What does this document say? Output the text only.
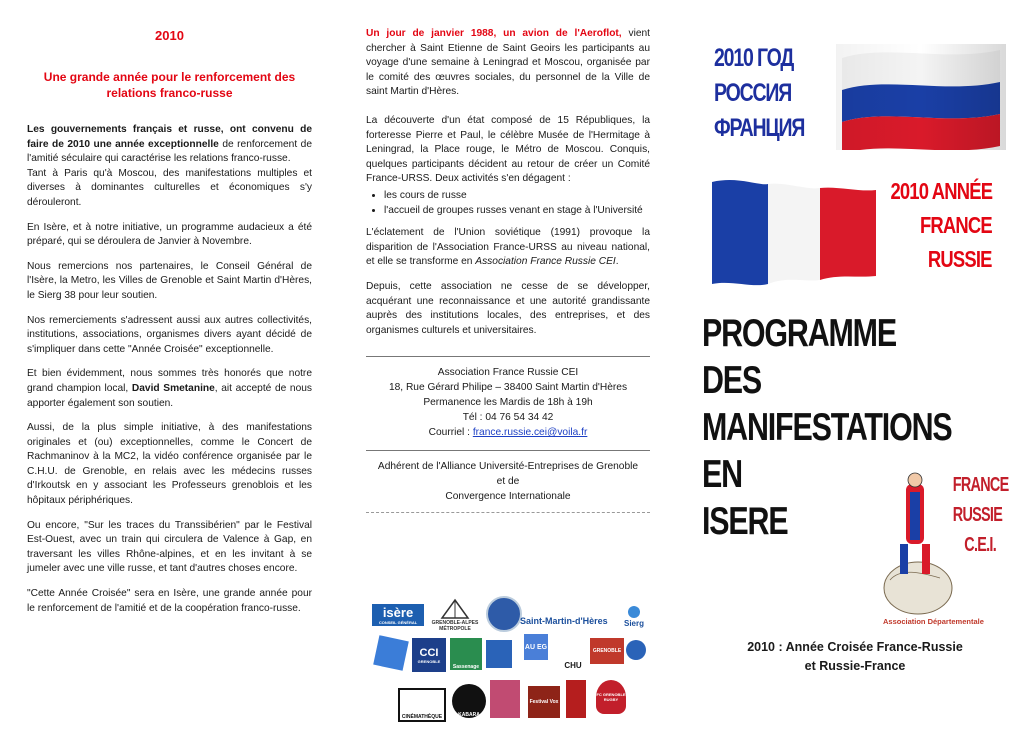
2010
Une grande année pour le renforcement des relations franco-russe

Les gouvernements français et russe, ont convenu de faire de 2010 une année exceptionnelle de renforcement de l'amitié séculaire qui caractérise les relations franco-russe.
Tant à Paris qu'à Moscou, des manifestations multiples et diverses à dominantes culturelles et économiques s'y dérouleront.

En Isère, et à notre initiative, un programme audacieux a été préparé, qui se déroulera de Janvier à Novembre.

Nous remercions nos partenaires, le Conseil Général de l'Isère, la Metro, les Villes de Grenoble et Saint Martin d'Hères, le Sierg 38 pour leur soutien.

Nos remerciements s'adressent aussi aux autres collectivités, institutions, associations, organismes divers ayant décidé de s'impliquer dans cette "Année Croisée" exceptionnelle.

Et bien évidemment, nous sommes très honorés que notre grand champion local, David Smetanine, ait accepté de nous apporter également son soutien.

Aussi, de la plus simple initiative, à des manifestations originales et (ou) exceptionnelles, comme le Concert de Rachmaninov à la MC2, la vidéo conférence organisée par le C.H.U. de Grenoble, en relais avec les médecins russes d'Irkoutsk en y associant les Professeurs grenoblois et les hôpitaux périphériques.

Ou encore, "Sur les traces du Transsibérien" par le Festival Est-Ouest, avec un train qui circulera de Valence à Gap, en traversant les villes Rhône-alpines, et en les invitant à se jumeler avec une ville russe, et tant d'autres choses encore.

"Cette Année Croisée" sera en Isère, une grande année pour le renforcement de l'amitié et de la coopération franco-russe.

Un jour de janvier 1988, un avion de l'Aeroflot, vient chercher à Saint Etienne de Saint Geoirs les participants au voyage d'une semaine à Leningrad et Moscou, organisée par le comité des œuvres sociales, du personnel de la Ville de saint Martin d'Hères.

La découverte d'un état composé de 15 Républiques, la forteresse Pierre et Paul, le célèbre Musée de l'Hermitage à Leningrad, la Place rouge, le Métro de Moscou. Conquis, quelques participants décident au retour de créer un Comité France-URSS. Deux activités s'en dégagent :

• les cours de russe
• l'accueil de groupes russes venant en stage à l'Université

L'éclatement de l'Union soviétique (1991) provoque la disparition de l'Association France-URSS au niveau national, et elle se transforme en Association France Russie CEI.

Depuis, cette association ne cesse de se développer, acquérant une reconnaissance et une autorité grandissante auprès des institutions locales, des entreprises, et des organismes culturels et universitaires.

Association France Russie CEI
18, Rue Gérard Philipe – 38400 Saint Martin d'Hères
Permanence les Mardis de 18h à 19h
Tél : 04 76 54 34 42
Courriel : france.russie.cei@voila.fr
Adhérent de l'Alliance Université-Entreprises de Grenoble
et de
Convergence Internationale
isère
CONSEIL GÉNÉRAL	GRENOBLE-ALPES MÉTROPOLE
Saint-Martin-d'Hères Sierg
CCI
GRENOBLE
Sassenage
AU EG
CHU
GRENOBLE
CINÉMATHÈQUE	KABARA
Festival Vox
FC GRENOBLE RUGBY
2010 ГОД
РОССИЯ
ФРАНЦИЯ
2010 ANNÉE
FRANCE
RUSSIE
PROGRAMME
DES
MANIFESTATIONS
EN
ISERE
FRANCE
RUSSIE
C.E.I.
Association Départementale
2010 : Année Croisée France-Russie
et Russie-France
